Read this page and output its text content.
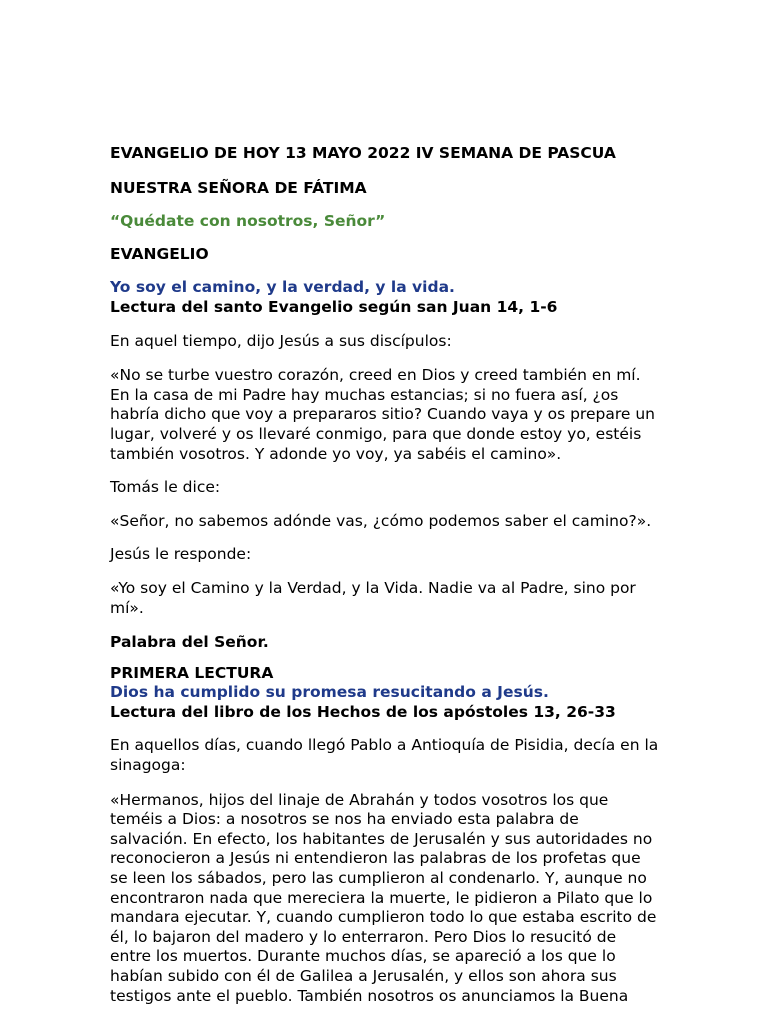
EVANGELIO DE HOY 13 MAYO 2022 IV SEMANA DE PASCUA

NUESTRA SEÑORA DE FÁTIMA

“Quédate con nosotros, Señor”

EVANGELIO

Yo soy el camino, y la verdad, y la vida.

Lectura del santo Evangelio según san Juan 14, 1-6

En aquel tiempo, dijo Jesús a sus discípulos:

«No se turbe vuestro corazón, creed en Dios y creed también en mí. En la casa de mi Padre hay muchas estancias; si no fuera así, ¿os habría dicho que voy a prepararos sitio? Cuando vaya y os prepare un lugar, volveré y os llevaré conmigo, para que donde estoy yo, estéis también vosotros. Y adonde yo voy, ya sabéis el camino».

Tomás le dice:

«Señor, no sabemos adónde vas, ¿cómo podemos saber el camino?».

Jesús le responde:

«Yo soy el Camino y la Verdad, y la Vida. Nadie va al Padre, sino por mí».

Palabra del Señor.

PRIMERA LECTURA

Dios ha cumplido su promesa resucitando a Jesús.

Lectura del libro de los Hechos de los apóstoles 13, 26-33

En aquellos días, cuando llegó Pablo a Antioquía de Pisidia, decía en la sinagoga:

«Hermanos, hijos del linaje de Abrahán y todos vosotros los que teméis a Dios: a nosotros se nos ha enviado esta palabra de salvación. En efecto, los habitantes de Jerusalén y sus autoridades no reconocieron a Jesús ni entendieron las palabras de los profetas que se leen los sábados, pero las cumplieron al condenarlo. Y, aunque no encontraron nada que mereciera la muerte, le pidieron a Pilato que lo mandara ejecutar. Y, cuando cumplieron todo lo que estaba escrito de él, lo bajaron del madero y lo enterraron. Pero Dios lo resucitó de entre los muertos. Durante muchos días, se apareció a los que lo habían subido con él de Galilea a Jerusalén, y ellos son ahora sus testigos ante el pueblo. También nosotros os anunciamos la Buena
